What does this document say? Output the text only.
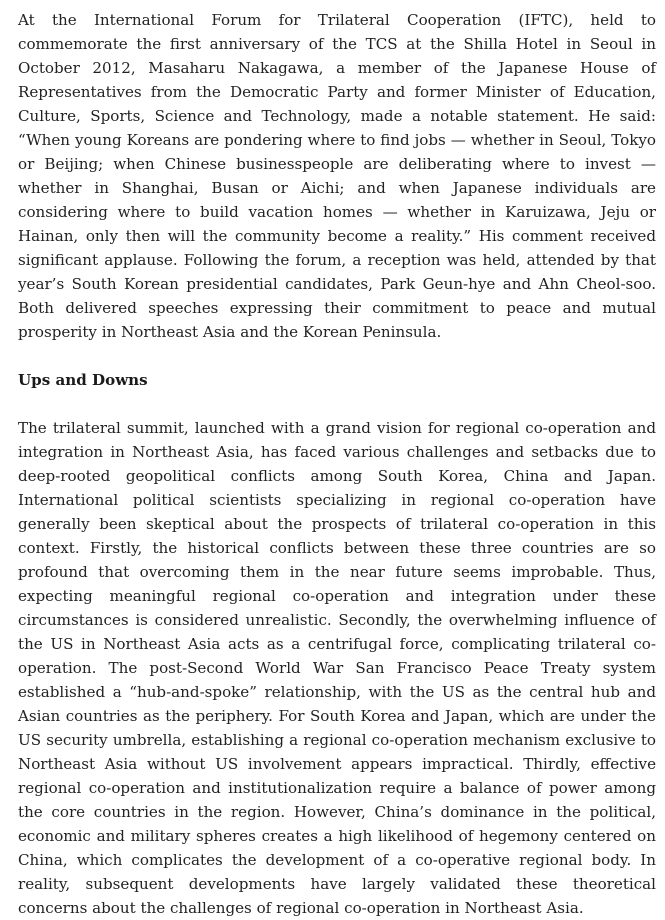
At the International Forum for Trilateral Cooperation (IFTC), held to commemorate the first anniversary of the TCS at the Shilla Hotel in Seoul in October 2012, Masaharu Nakagawa, a member of the Japanese House of Representatives from the Democratic Party and former Minister of Education, Culture, Sports, Science and Technology, made a notable statement. He said: “When young Koreans are pondering where to find jobs — whether in Seoul, Tokyo or Beijing; when Chinese businesspeople are deliberating where to invest — whether in Shanghai, Busan or Aichi; and when Japanese individuals are considering where to build vacation homes — whether in Karuizawa, Jeju or Hainan, only then will the community become a reality.” His comment received significant applause. Following the forum, a reception was held, attended by that year’s South Korean presidential candidates, Park Geun-hye and Ahn Cheol-soo. Both delivered speeches expressing their commitment to peace and mutual prosperity in Northeast Asia and the Korean Peninsula.

Ups and Downs

The trilateral summit, launched with a grand vision for regional co-operation and integration in Northeast Asia, has faced various challenges and setbacks due to deep-rooted geopolitical conflicts among South Korea, China and Japan. International political scientists specializing in regional co-operation have generally been skeptical about the prospects of trilateral co-operation in this context. Firstly, the historical conflicts between these three countries are so profound that overcoming them in the near future seems improbable. Thus, expecting meaningful regional co-operation and integration under these circumstances is considered unrealistic. Secondly, the overwhelming influence of the US in Northeast Asia acts as a centrifugal force, complicating trilateral co-operation. The post-Second World War San Francisco Peace Treaty system established a “hub-and-spoke” relationship, with the US as the central hub and Asian countries as the periphery. For South Korea and Japan, which are under the US security umbrella, establishing a regional co-operation mechanism exclusive to Northeast Asia without US involvement appears impractical. Thirdly, effective regional co-operation and institutionalization require a balance of power among the core countries in the region. However, China’s dominance in the political, economic and military spheres creates a high likelihood of hegemony centered on China, which complicates the development of a co-operative regional body. In reality, subsequent developments have largely validated these theoretical concerns about the challenges of regional co-operation in Northeast Asia.
